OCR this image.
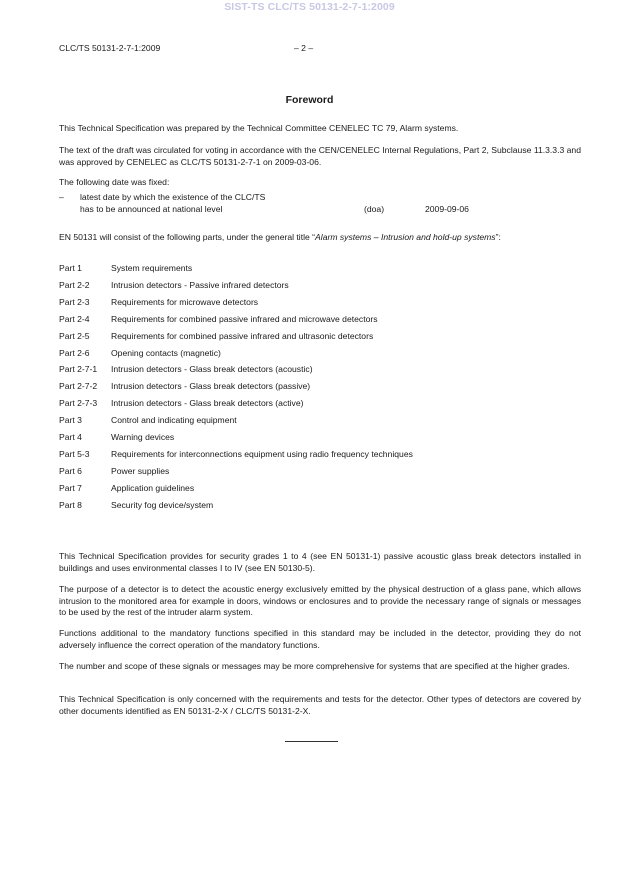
SIST-TS CLC/TS 50131-2-7-1:2009
CLC/TS 50131-2-7-1:2009	– 2 –
Foreword
This Technical Specification was prepared by the Technical Committee CENELEC TC 79, Alarm systems.
The text of the draft was circulated for voting in accordance with the CEN/CENELEC Internal Regulations, Part 2, Subclause 11.3.3.3 and was approved by CENELEC as CLC/TS 50131-2-7-1 on 2009-03-06.
The following date was fixed:
– latest date by which the existence of the CLC/TS
has to be announced at national level	(doa)	2009-09-06
EN 50131 will consist of the following parts, under the general title “Alarm systems – Intrusion and hold-up systems”:
Part 1	System requirements
Part 2-2	Intrusion detectors - Passive infrared detectors
Part 2-3	Requirements for microwave detectors
Part 2-4	Requirements for combined passive infrared and microwave detectors
Part 2-5	Requirements for combined passive infrared and ultrasonic detectors
Part 2-6	Opening contacts (magnetic)
Part 2-7-1	Intrusion detectors - Glass break detectors (acoustic)
Part 2-7-2	Intrusion detectors - Glass break detectors (passive)
Part 2-7-3	Intrusion detectors - Glass break detectors (active)
Part 3	Control and indicating equipment
Part 4	Warning devices
Part 5-3	Requirements for interconnections equipment using radio frequency techniques
Part 6	Power supplies
Part 7	Application guidelines
Part 8	Security fog device/system
This Technical Specification provides for security grades 1 to 4 (see EN 50131-1) passive acoustic glass break detectors installed in buildings and uses environmental classes I to IV (see EN 50130-5).
The purpose of a detector is to detect the acoustic energy exclusively emitted by the physical destruction of a glass pane, which allows intrusion to the monitored area for example in doors, windows or enclosures and to provide the necessary range of signals or messages to be used by the rest of the intruder alarm system.
Functions additional to the mandatory functions specified in this standard may be included in the detector, providing they do not adversely influence the correct operation of the mandatory functions.
The number and scope of these signals or messages may be more comprehensive for systems that are specified at the higher grades.
This Technical Specification is only concerned with the requirements and tests for the detector. Other types of detectors are covered by other documents identified as EN 50131-2-X / CLC/TS 50131-2-X.
